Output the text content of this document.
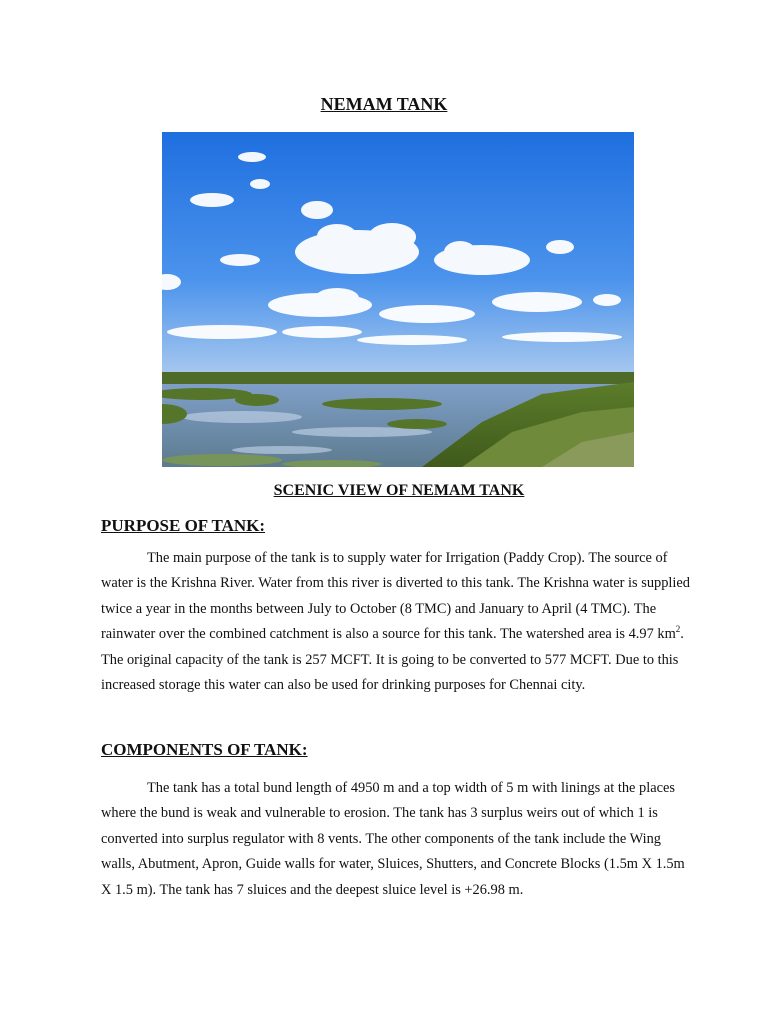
NEMAM TANK
SCENIC VIEW OF NEMAM TANK
PURPOSE OF TANK:
The main purpose of the tank is to supply water for Irrigation (Paddy Crop). The source of water is the Krishna River. Water from this river is diverted to this tank. The Krishna water is supplied twice a year in the months between July to October (8 TMC) and January to April (4 TMC). The rainwater over the combined catchment is also a source for this tank. The watershed area is 4.97 $km^2$. The original capacity of the tank is 257 MCFT. It is going to be converted to 577 MCFT. Due to this increased storage this water can also be used for drinking purposes for Chennai city.
COMPONENTS OF TANK:
The tank has a total bund length of 4950 m and a top width of 5 m with linings at the places where the bund is weak and vulnerable to erosion. The tank has 3 surplus weirs out of which 1 is converted into surplus regulator with 8 vents. The other components of the tank include the Wing walls, Abutment, Apron, Guide walls for water, Sluices, Shutters, and Concrete Blocks (1.5m X 1.5m X 1.5 m). The tank has 7 sluices and the deepest sluice level is +26.98 m.
